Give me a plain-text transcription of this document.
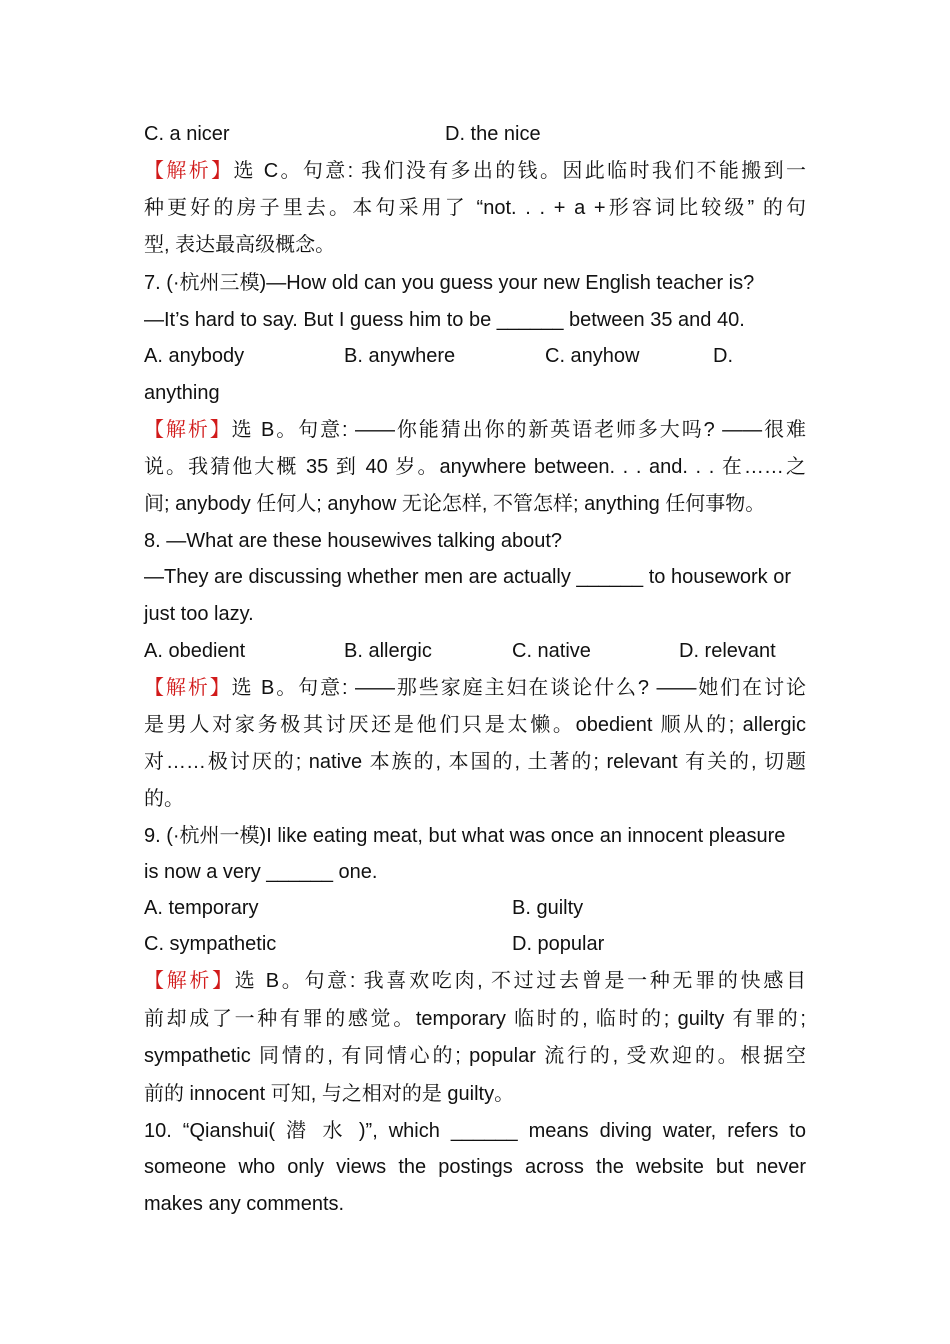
C. a nicer	D. the nice
【解析】选 C。句意: 我们没有多出的钱。因此临时我们不能搬到一
种更好的房子里去。本句采用了 “not. . . + a +形容词比较级” 的句
型, 表达最高级概念。
7. (·杭州三模)—How old can you guess your new English teacher is?
—It’s hard to say. But I guess him to be ______ between 35 and 40.
A. anybody	B. anywhere	C. anyhow	D.
anything
【解析】选 B。句意: ——你能猜出你的新英语老师多大吗? ——很难
说。我猜他大概 35 到 40 岁。anywhere between. . . and. . . 在……之
间; anybody 任何人; anyhow 无论怎样, 不管怎样; anything 任何事物。
8. —What are these housewives talking about?
—They are discussing whether men are actually ______ to housework or
just too lazy.
A. obedient	B. allergic	C. native	D. relevant
【解析】选 B。句意: ——那些家庭主妇在谈论什么? ——她们在讨论
是男人对家务极其讨厌还是他们只是太懒。obedient 顺从的; allergic
对……极讨厌的; native 本族的, 本国的, 土著的; relevant 有关的, 切题
的。
9. (·杭州一模)I like eating meat, but what was once an innocent pleasure
is now a very ______ one.
A. temporary	B. guilty
C. sympathetic	D. popular
【解析】选 B。句意: 我喜欢吃肉, 不过过去曾是一种无罪的快感目
前却成了一种有罪的感觉。temporary 临时的, 临时的; guilty 有罪的;
sympathetic 同情的, 有同情心的; popular 流行的, 受欢迎的。根据空
前的 innocent 可知, 与之相对的是 guilty。
10. “Qianshui( 潜 水 )”, which ______ means diving water, refers to
someone who only views the postings across the website but never
makes any comments.
